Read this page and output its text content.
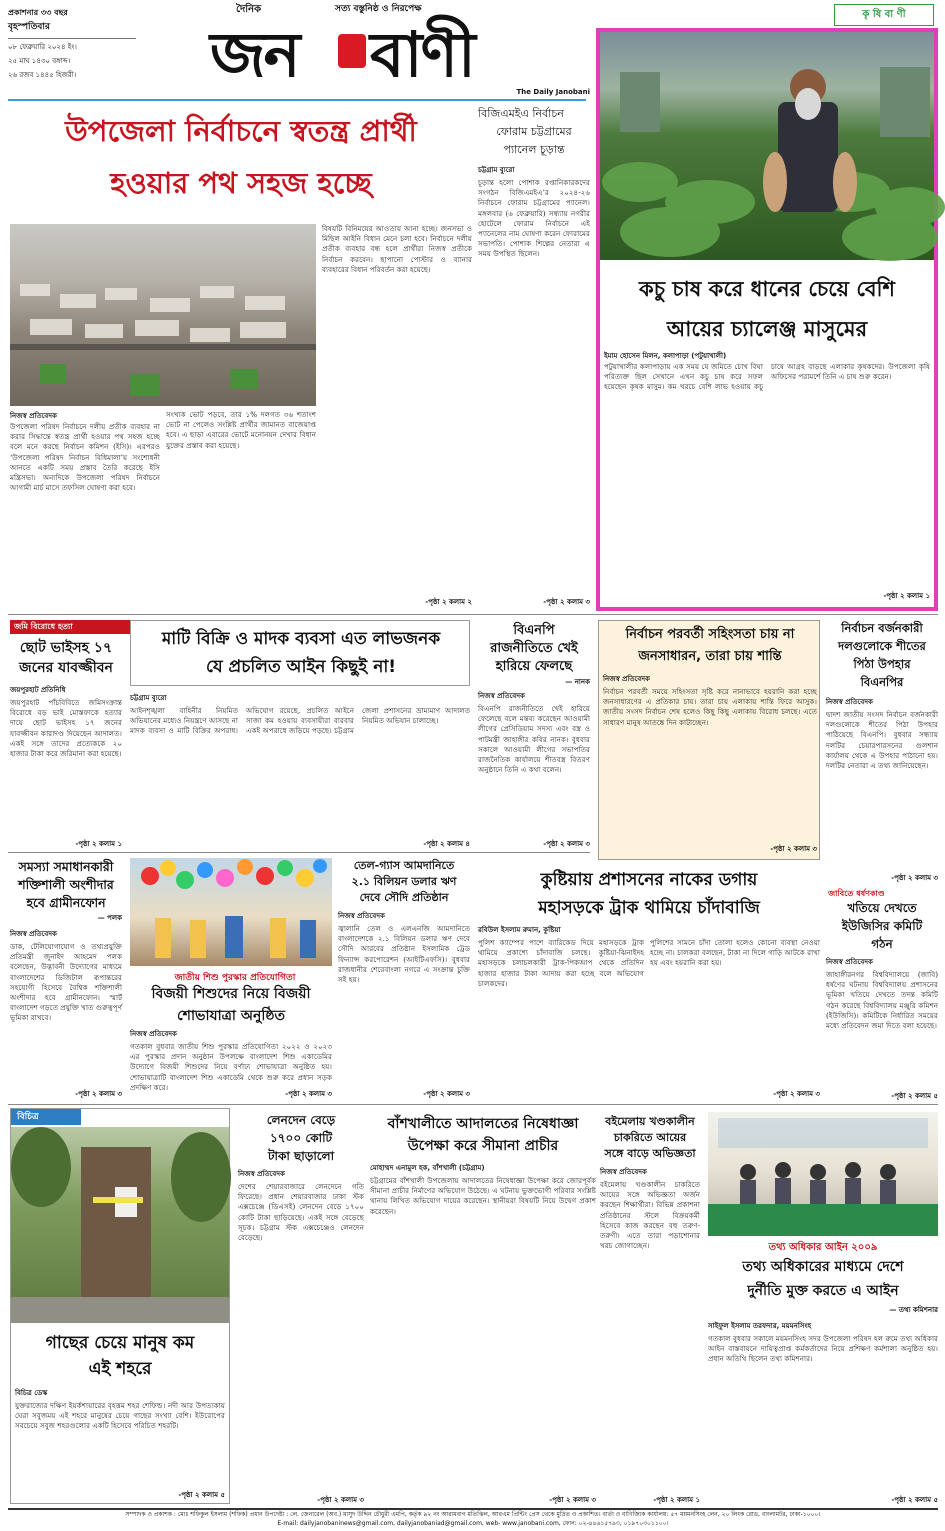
প্রকাশনার ৩৩ বছর
বৃহস্পতিবার
০৮ ফেব্রুয়ারি ২০২৪ ইং।
২৫ মাঘ ১৪৩০ বঙ্গাব্দ।
২৬ রজব ১৪৪৫ হিজরী।
দৈনিক	সত্য বস্তুনিষ্ঠ ও নিরপেক্ষ
জন বাণী
The Daily Janobani
কৃ ষি বা ণী
কচু চাষ করে ধানের চেয়ে বেশি
আয়ের চ্যালেঞ্জ মাসুমের
ইমাম হোসেন মিলন, কলাপাড়া (পটুয়াখালী)
পটুয়াখালীর কলাপাড়ায় এক সময় যে জমিতে চোখ বিঘা পরিত্যক্ত ছিল সেখানে এখন কচু চাষ করে সফল হয়েছেন কৃষক মাসুম। কম খরচে বেশি লাভ হওয়ায় কচু চাষে আগ্রহ বাড়ছে এলাকার কৃষকদের। উপজেলা কৃষি অফিসের পরামর্শে তিনি এ চাষ শুরু করেন।
-পৃষ্ঠা ২ কলাম ১
উপজেলা নির্বাচনে স্বতন্ত্র প্রার্থী
হওয়ার পথ সহজ হচ্ছে
নিজস্ব প্রতিবেদক
উপজেলা পরিষদ নির্বাচনে দলীয় প্রতীক ব্যবহার না করার সিদ্ধান্তে স্বতন্ত্র প্রার্থী হওয়ার পথ সহজ হচ্ছে বলে মনে করছে নির্বাচন কমিশন (ইসি)। এরপরও ‘উপজেলা পরিষদ নির্বাচন বিধিমালা’য় সংশোধনী আনতে একটি সময় প্রস্তাব তৈরি করেছে ইসি মন্ত্রিসভা। অন্যদিকে উপজেলা পরিষদ নির্বাচনে আগামী মার্চ মাসে তফসিল ঘোষণা করা হবে।
সংখ্যক ভোট পড়বে, তার ১% দলগত ৩৬ শতাংশ ভোট না পেলেও সংশ্লিষ্ট প্রার্থীর জামানত বাজেয়াপ্ত হবে। এ ছাড়া এবারের ভোটে মনোনয়ন দেখার বিধান যুক্তের প্রস্তাব করা হয়েছে।
বিষয়টি বিনিময়ের আওতায় আনা হচ্ছে। জনসভা ও মিছিল আইনি বিধান মেনে চলা হবে। নির্বাচনে দলীয় প্রতীক ব্যবহার বন্ধ হলে প্রার্থীরা নিজস্ব প্রতীকে নির্বাচন করবেন। ছাপানো পোস্টার ও ব্যানার ব্যবহারের বিধান পরিবর্তন করা হয়েছে।
-পৃষ্ঠা ২ কলাম ২
বিজিএমইএ নির্বাচন
ফোরাম চট্টগ্রামের
প্যানেল চূড়ান্ত
চট্টগ্রাম ব্যুরো
চূড়ান্ত হলো পোশাক রপ্তানিকারকদের সংগঠন বিজিএমইএ’র ২০২৪-২৬ নির্বাচনে ফোরাম চট্টগ্রামের প্যানেল। মঙ্গলবার (৬ ফেব্রুয়ারি) সন্ধ্যায় নগরীর হোটেলে ফোরাম নির্বাচনে এই প্যানেলের নাম ঘোষণা করেন ফোরামের সভাপতি। পোশাক শিল্পের নেতারা এ সময় উপস্থিত ছিলেন।
-পৃষ্ঠা ২ কলাম ৩
জমি বিরোধে হত্যা
ছোট ভাইসহ ১৭
জনের যাবজ্জীবন
জয়পুরহাট প্রতিনিধি
জয়পুরহাট পাঁচবিবিতে জমিসংক্রান্ত বিরোধে বড় ভাই মোস্তফাকে হত্যার দায়ে ছোট ভাইসহ ১৭ জনের যাবজ্জীবন কারাদণ্ড দিয়েছেন আদালত। একই সঙ্গে তাদের প্রত্যেককে ২০ হাজার টাকা করে জরিমানা করা হয়েছে।
-পৃষ্ঠা ২ কলাম ১
মাটি বিক্রি ও মাদক ব্যবসা এত লাভজনক
যে প্রচলিত আইন কিছুই না!
চট্টগ্রাম ব্যুরো
আইনশৃঙ্খলা বাহিনীর নিয়মিত অভিযানের মধ্যেও নিয়ন্ত্রণে আসছে না মাদক ব্যবসা ও মাটি বিক্রির অপরাধ। অভিযোগ রয়েছে, প্রচলিত আইনে সাজা কম হওয়ায় ব্যবসায়ীরা বারবার একই অপরাধে জড়িয়ে পড়ছে। চট্টগ্রাম জেলা প্রশাসনের ভ্রাম্যমাণ আদালত নিয়মিত অভিযান চালাচ্ছে।
-পৃষ্ঠা ২ কলাম ৪
বিএনপি
রাজনীতিতে খেই
হারিয়ে ফেলছে
— নানক
নিজস্ব প্রতিবেদক
বিএনপি রাজনীতিতে খেই হারিয়ে ফেলেছে বলে মন্তব্য করেছেন আওয়ামী লীগের প্রেসিডিয়াম সদস্য এবং বস্ত্র ও পাটমন্ত্রী জাহাঙ্গীর কবির নানক। বুধবার সকালে আওয়ামী লীগের সভাপতির রাজনৈতিক কার্যালয়ে শীতবস্ত্র বিতরণ অনুষ্ঠানে তিনি এ কথা বলেন।
-পৃষ্ঠা ২ কলাম ৩
নির্বাচন পরবর্তী সহিংসতা চায় না
জনসাধারন, তারা চায় শান্তি
নিজস্ব প্রতিবেদক
নির্বাচন পরবর্তী সময়ে সহিংসতা সৃষ্টি করে নানাভাবে হয়রানি করা হচ্ছে জনসাধারণের এ প্রতিকার চায়। তারা চায় এলাকায় শান্তি ফিরে আসুক। জাতীয় সংসদ নির্বাচন শেষ হলেও কিছু কিছু এলাকায় বিরোধ চলছে। এতে সাধারণ মানুষ আতঙ্কে দিন কাটাচ্ছেন।
-পৃষ্ঠা ২ কলাম ৩
নির্বাচন বর্জনকারী
দলগুলোকে শীতের
পিঠা উপহার
বিএনপির
নিজস্ব প্রতিবেদক
দ্বাদশ জাতীয় সংসদ নির্বাচন বর্জনকারী দলগুলোকে শীতের পিঠা উপহার পাঠিয়েছে বিএনপি। বুধবার সন্ধ্যায় দলটির চেয়ারপারসনের গুলশান কার্যালয় থেকে এ উপহার পাঠানো হয়। দলটির নেতারা এ তথ্য জানিয়েছেন।
-পৃষ্ঠা ২ কলাম ৩
সমস্যা সমাধানকারী
শক্তিশালী অংশীদার
হবে গ্রামীনফোন
— পলক
নিজস্ব প্রতিবেদক
ডাক, টেলিযোগাযোগ ও তথ্যপ্রযুক্তি প্রতিমন্ত্রী জুনাইদ আহমেদ পলক বলেছেন, উদ্ভাবনী উদ্যোগের মাধ্যমে বাংলাদেশের ডিজিটাল রূপান্তরের সহযোগী হিসেবে বৈশ্বিক শক্তিশালী অংশীদার হবে গ্রামীনফোন। স্মার্ট বাংলাদেশ গড়তে প্রযুক্তি খাত গুরুত্বপূর্ণ ভূমিকা রাখবে।
-পৃষ্ঠা ২ কলাম ৩
জাতীয় শিশু পুরস্কার প্রতিযোগিতা
বিজয়ী শিশুদের নিয়ে বিজয়ী
শোভাযাত্রা অনুষ্ঠিত
নিজস্ব প্রতিবেদক
গতকাল বুধবার জাতীয় শিশু পুরস্কার প্রতিযোগিতা ২০২২ ও ২০২৩ এর পুরস্কার প্রদান অনুষ্ঠান উপলক্ষে বাংলাদেশ শিশু একাডেমির উদ্যোগে বিজয়ী শিশুদের নিয়ে বর্ণাঢ্য শোভাযাত্রা অনুষ্ঠিত হয়। শোভাযাত্রাটি বাংলাদেশ শিশু একাডেমি থেকে শুরু করে প্রধান সড়ক প্রদক্ষিণ করে।
-পৃষ্ঠা ২ কলাম ৩
তেল-গ্যাস আমদানিতে
২.১ বিলিয়ন ডলার ঋণ
দেবে সৌদি প্রতিষ্ঠান
নিজস্ব প্রতিবেদক
জ্বালানি তেল ও এলএনজি আমদানিতে বাংলাদেশকে ২.১ বিলিয়ন ডলার ঋণ দেবে সৌদি আরবের প্রতিষ্ঠান ইসলামিক ট্রেড ফিন্যান্স করপোরেশন (আইটিএফসি)। বুধবার রাজধানীর শেরেবাংলা নগরে এ সংক্রান্ত চুক্তি সই হয়।
-পৃষ্ঠা ২ কলাম ৩
কুষ্টিয়ায় প্রশাসনের নাকের ডগায়
মহাসড়কে ট্রাক থামিয়ে চাঁদাবাজি
রবিউল ইসলাম রুমান, কুষ্টিয়া
পুলিশ ক্যাম্পের পাশে ব্যারিকেড দিয়ে মহাসড়কে ট্রাক থামিয়ে প্রকাশ্যে চাঁদাবাজি চলছে। কুষ্টিয়া-ঝিনাইদহ মহাসড়কে চলাচলকারী ট্রাক-পিকআপ থেকে প্রতিদিন হাজার হাজার টাকা আদায় করা হচ্ছে বলে অভিযোগ চালকদের।
পুলিশের সামনে চাঁদা তোলা হলেও কোনো ব্যবস্থা নেওয়া হচ্ছে না। চালকরা বলছেন, টাকা না দিলে গাড়ি আটকে রাখা হয় এবং হয়রানি করা হয়।
-পৃষ্ঠা ২ কলাম ৩
জাবিতে ধর্ষণকাণ্ড
খতিয়ে দেখতে
ইউজিসির কমিটি
গঠন
নিজস্ব প্রতিবেদক
জাহাঙ্গীরনগর বিশ্ববিদ্যালয়ে (জাবি) ধর্ষণের ঘটনায় বিশ্ববিদ্যালয় প্রশাসনের ভূমিকা খতিয়ে দেখতে তদন্ত কমিটি গঠন করেছে বিশ্ববিদ্যালয় মঞ্জুরি কমিশন (ইউজিসি)। কমিটিকে নির্ধারিত সময়ের মধ্যে প্রতিবেদন জমা দিতে বলা হয়েছে।
-পৃষ্ঠা ২ কলাম ৫
বিচিত্র
গাছের চেয়ে মানুষ কম
এই শহরে
বিচিত্র ডেস্ক
যুক্তরাজ্যের দক্ষিণ ইয়র্কশায়ারের বৃহত্তম শহর শেফিল্ড। নদী আর উপত্যকায় ঘেরা সবুজময় এই শহরে মানুষের চেয়ে গাছের সংখ্যা বেশি। ইউরোপের সবচেয়ে সবুজ শহরগুলোর একটি হিসেবে পরিচিত শহরটি।
-পৃষ্ঠা ২ কলাম ৫
লেনদেন বেড়ে
১৭০০ কোটি
টাকা ছাড়ালো
নিজস্ব প্রতিবেদক
দেশের শেয়ারবাজারে লেনদেনে গতি ফিরেছে। প্রধান শেয়ারবাজার ঢাকা স্টক এক্সচেঞ্জে (ডিএসই) লেনদেন বেড়ে ১৭০০ কোটি টাকা ছাড়িয়েছে। একই সঙ্গে বেড়েছে সূচক। চট্টগ্রাম স্টক এক্সচেঞ্জেও লেনদেন বেড়েছে।
-পৃষ্ঠা ২ কলাম ৩
বাঁশখালীতে আদালতের নিষেধাজ্ঞা
উপেক্ষা করে সীমানা প্রাচীর
মোহাম্মদ এনামুল হক, বাঁশখালী (চট্টগ্রাম)
চট্টগ্রামের বাঁশখালী উপজেলায় আদালতের নিষেধাজ্ঞা উপেক্ষা করে জোরপূর্বক সীমানা প্রাচীর নির্মাণের অভিযোগ উঠেছে। এ ঘটনায় ভুক্তভোগী পরিবার সংশ্লিষ্ট থানায় লিখিত অভিযোগ দায়ের করেছেন। স্থানীয়রা বিষয়টি নিয়ে উদ্বেগ প্রকাশ করেছেন।
-পৃষ্ঠা ২ কলাম ৩
বইমেলায় খণ্ডকালীন
চাকরিতে আয়ের
সঙ্গে বাড়ে অভিজ্ঞতা
নিজস্ব প্রতিবেদক
বইমেলায় খণ্ডকালীন চাকরিতে আয়ের সঙ্গে অভিজ্ঞতা অর্জন করছেন শিক্ষার্থীরা। বিভিন্ন প্রকাশনা প্রতিষ্ঠানের স্টলে বিক্রয়কর্মী হিসেবে কাজ করছেন বহু তরুণ-তরুণী। এতে তারা পড়াশোনার খরচ জোগাচ্ছেন।
-পৃষ্ঠা ২ কলাম ১
তথ্য অধিকার আইন ২০০৯
তথ্য অধিকারের মাধ্যমে দেশে
দুর্নীতি মুক্ত করতে এ আইন
— তথ্য কমিশনার
সাইফুল ইসলাম তরফদার, ময়মনসিংহ
গতকাল বুধবার সকালে ময়মনসিংহ সদর উপজেলা পরিষদ হল রুমে তথ্য অধিকার আইন বাস্তবায়নে দায়িত্বপ্রাপ্ত কর্মকর্তাদের নিয়ে প্রশিক্ষণ কর্মশালা অনুষ্ঠিত হয়। প্রধান অতিথি ছিলেন তথ্য কমিশনার।
-পৃষ্ঠা ২ কলাম ৫
সম্পাদক ও প্রকাশক : মোঃ শফিকুল ইসলাম (শফিক) প্রধান উপদেষ্টা : লে. জেনারেল (অব.) মাসুদ উদ্দিন চৌধুরী এমপি, কর্তৃক ৯২ নং আরামবাগ মতিঝিল, আরএম প্রিন্টিং প্রেস থেকে মুদ্রিত ও প্রকাশিত। বার্তা ও বাণিজ্যিক কার্যালয়: ৫৭ ময়মনসিংহ লেন, ২০ লিংক রোড, বাংলামটর, ঢাকা-১০০০।
E-mail: dailyjanobaninews@gmail.com, dailyjanobaniad@gmail.com, web- www.janobani.com, ফোন: ০২-৪৪৬১৫৭৯৩, ০১৯৭০৩০১১০০।
